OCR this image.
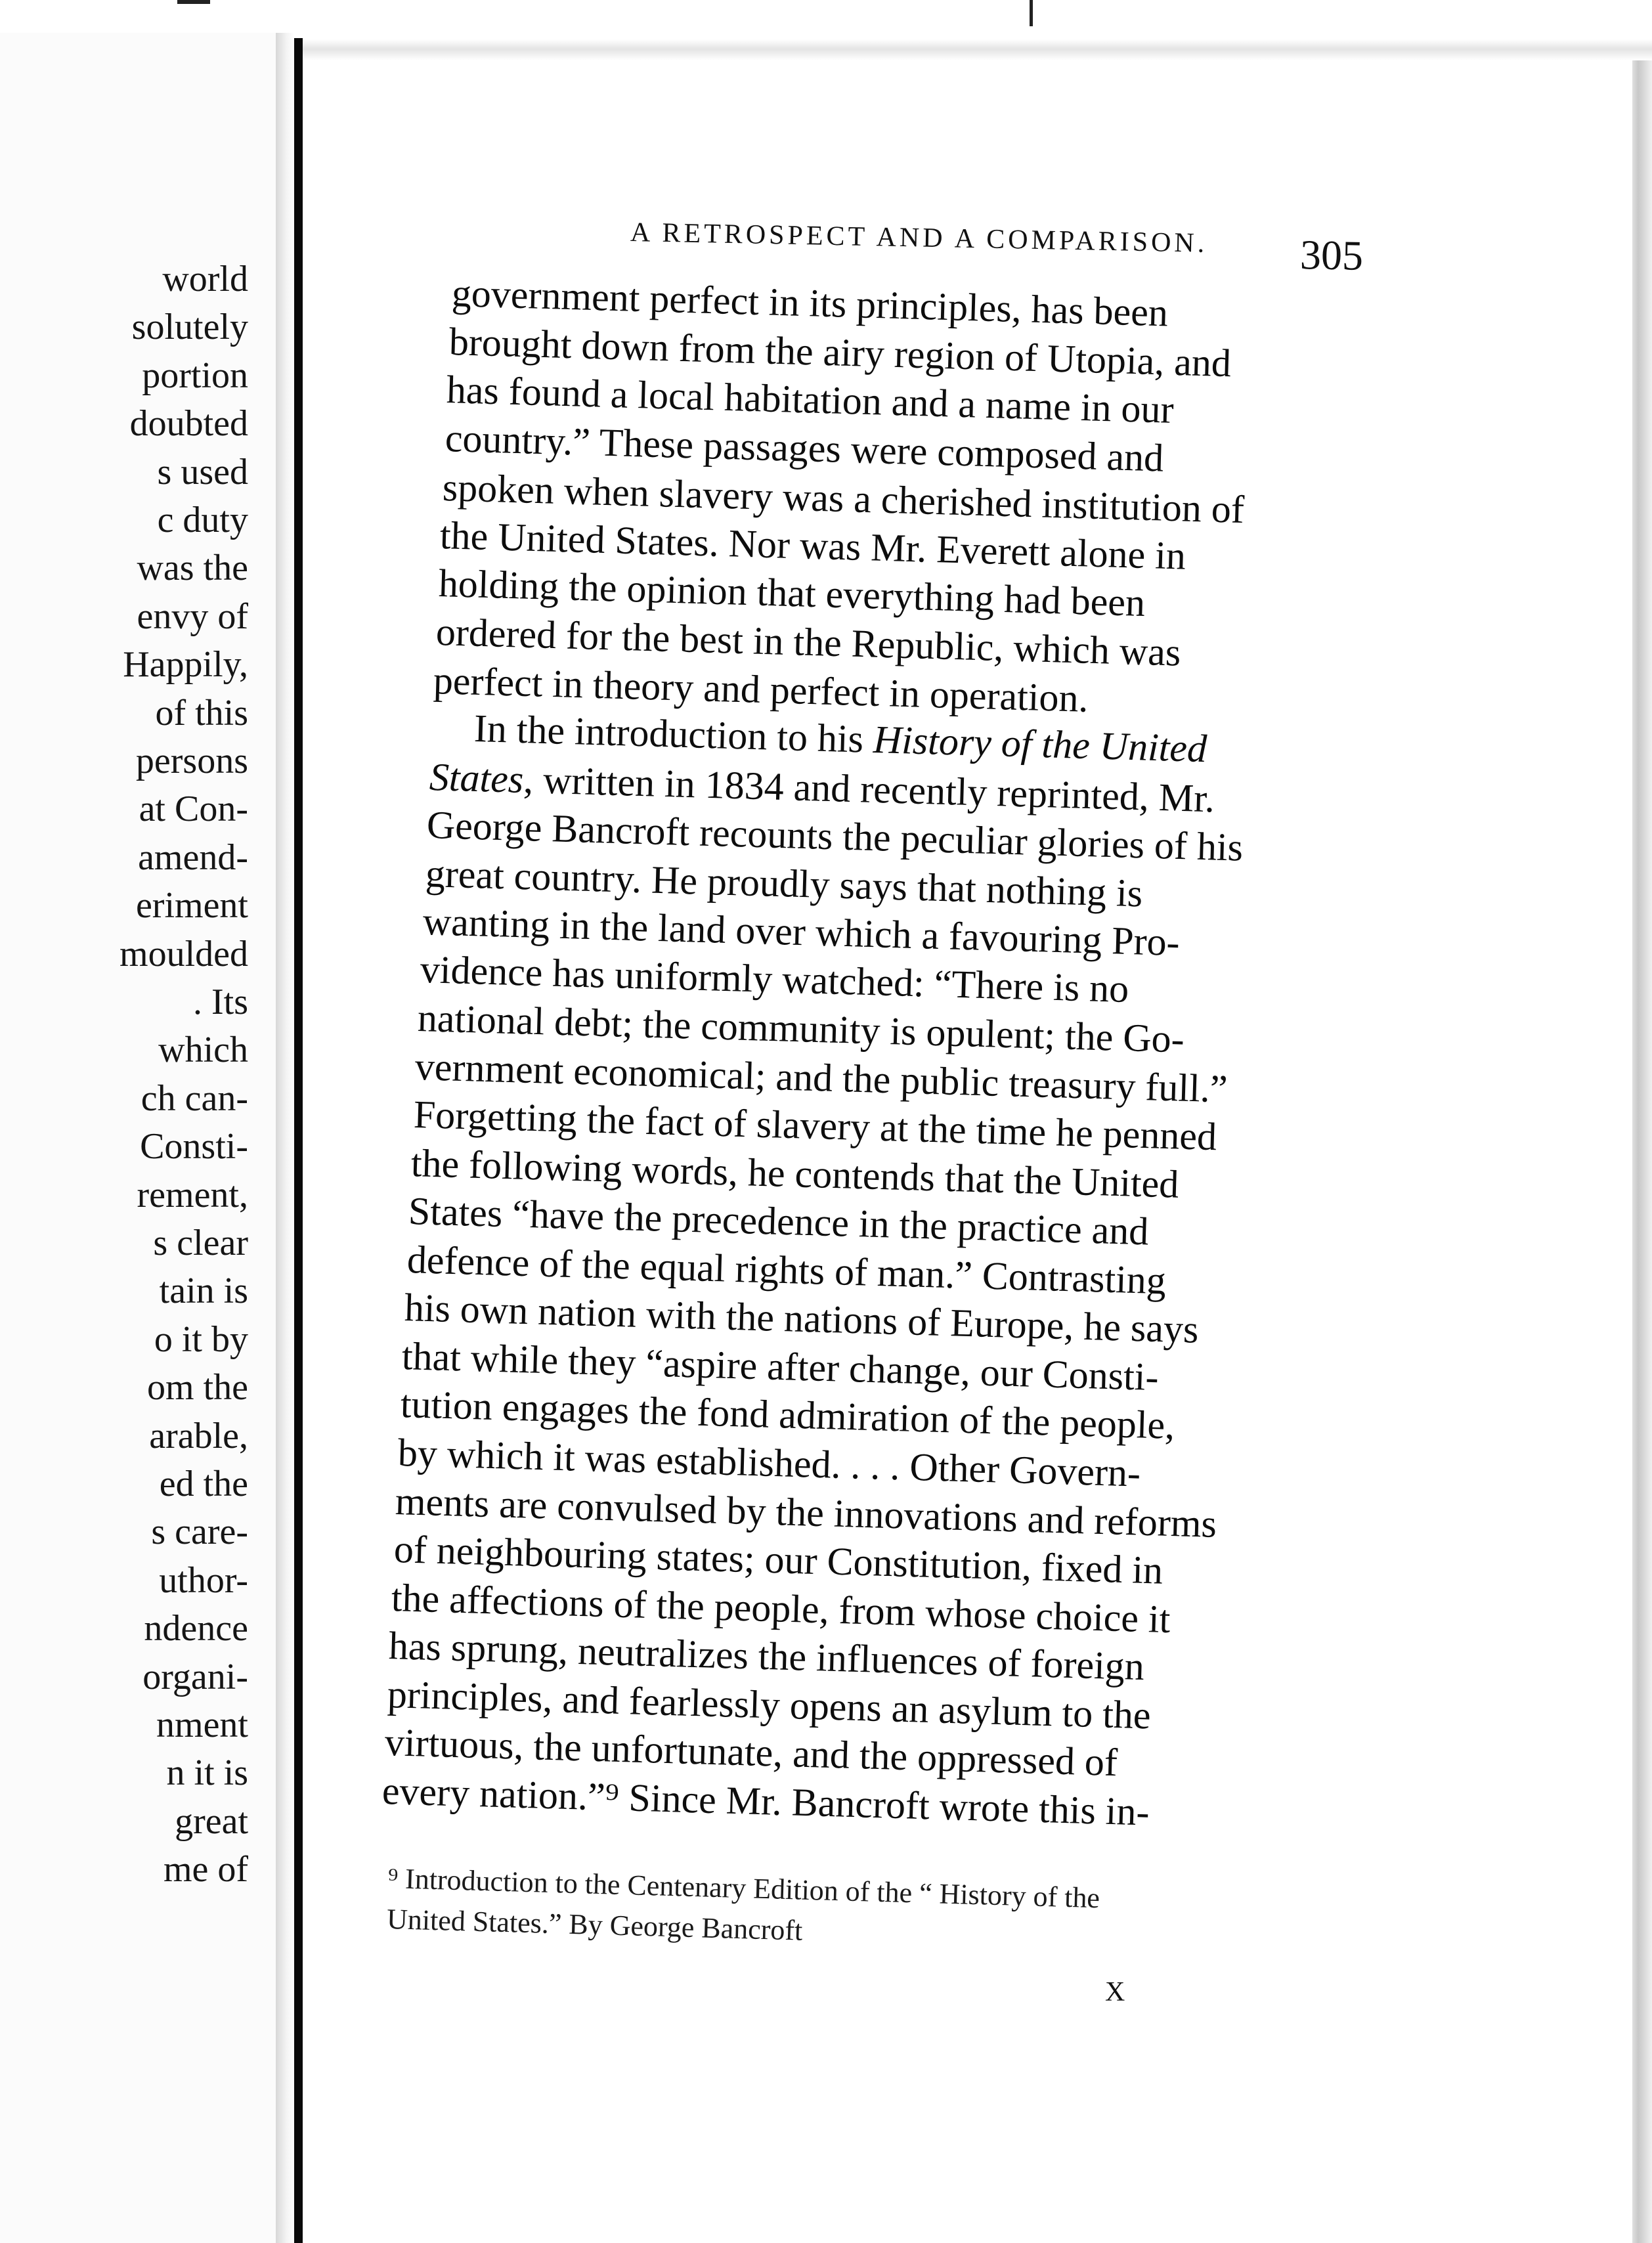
world
solutely
portion
doubted
s used
c duty
was the
envy of
Happily,
of this
persons
at Con-
amend-
eriment
moulded
. Its
which
ch can-
Consti-
rement,
s clear
tain is
o it by
om the
arable,
ed the
s care-
uthor-
ndence
organi-
nment
n it is
great
me of
A RETROSPECT AND A COMPARISON.	305
government perfect in its principles, has been
brought down from the airy region of Utopia, and
has found a local habitation and a name in our
country.” These passages were composed and
spoken when slavery was a cherished institution of
the United States. Nor was Mr. Everett alone in
holding the opinion that everything had been
ordered for the best in the Republic, which was
perfect in theory and perfect in operation.
In the introduction to his History of the United
States, written in 1834 and recently reprinted, Mr.
George Bancroft recounts the peculiar glories of his
great country. He proudly says that nothing is
wanting in the land over which a favouring Pro-
vidence has uniformly watched: “There is no
national debt; the community is opulent; the Go-
vernment economical; and the public treasury full.”
Forgetting the fact of slavery at the time he penned
the following words, he contends that the United
States “have the precedence in the practice and
defence of the equal rights of man.” Contrasting
his own nation with the nations of Europe, he says
that while they “aspire after change, our Consti-
tution engages the fond admiration of the people,
by which it was established. . . . Other Govern-
ments are convulsed by the innovations and reforms
of neighbouring states; our Constitution, fixed in
the affections of the people, from whose choice it
has sprung, neutralizes the influences of foreign
principles, and fearlessly opens an asylum to the
virtuous, the unfortunate, and the oppressed of
every nation.”⁹ Since Mr. Bancroft wrote this in-
⁹ Introduction to the Centenary Edition of the “ History of the
United States.” By George Bancroft
X
